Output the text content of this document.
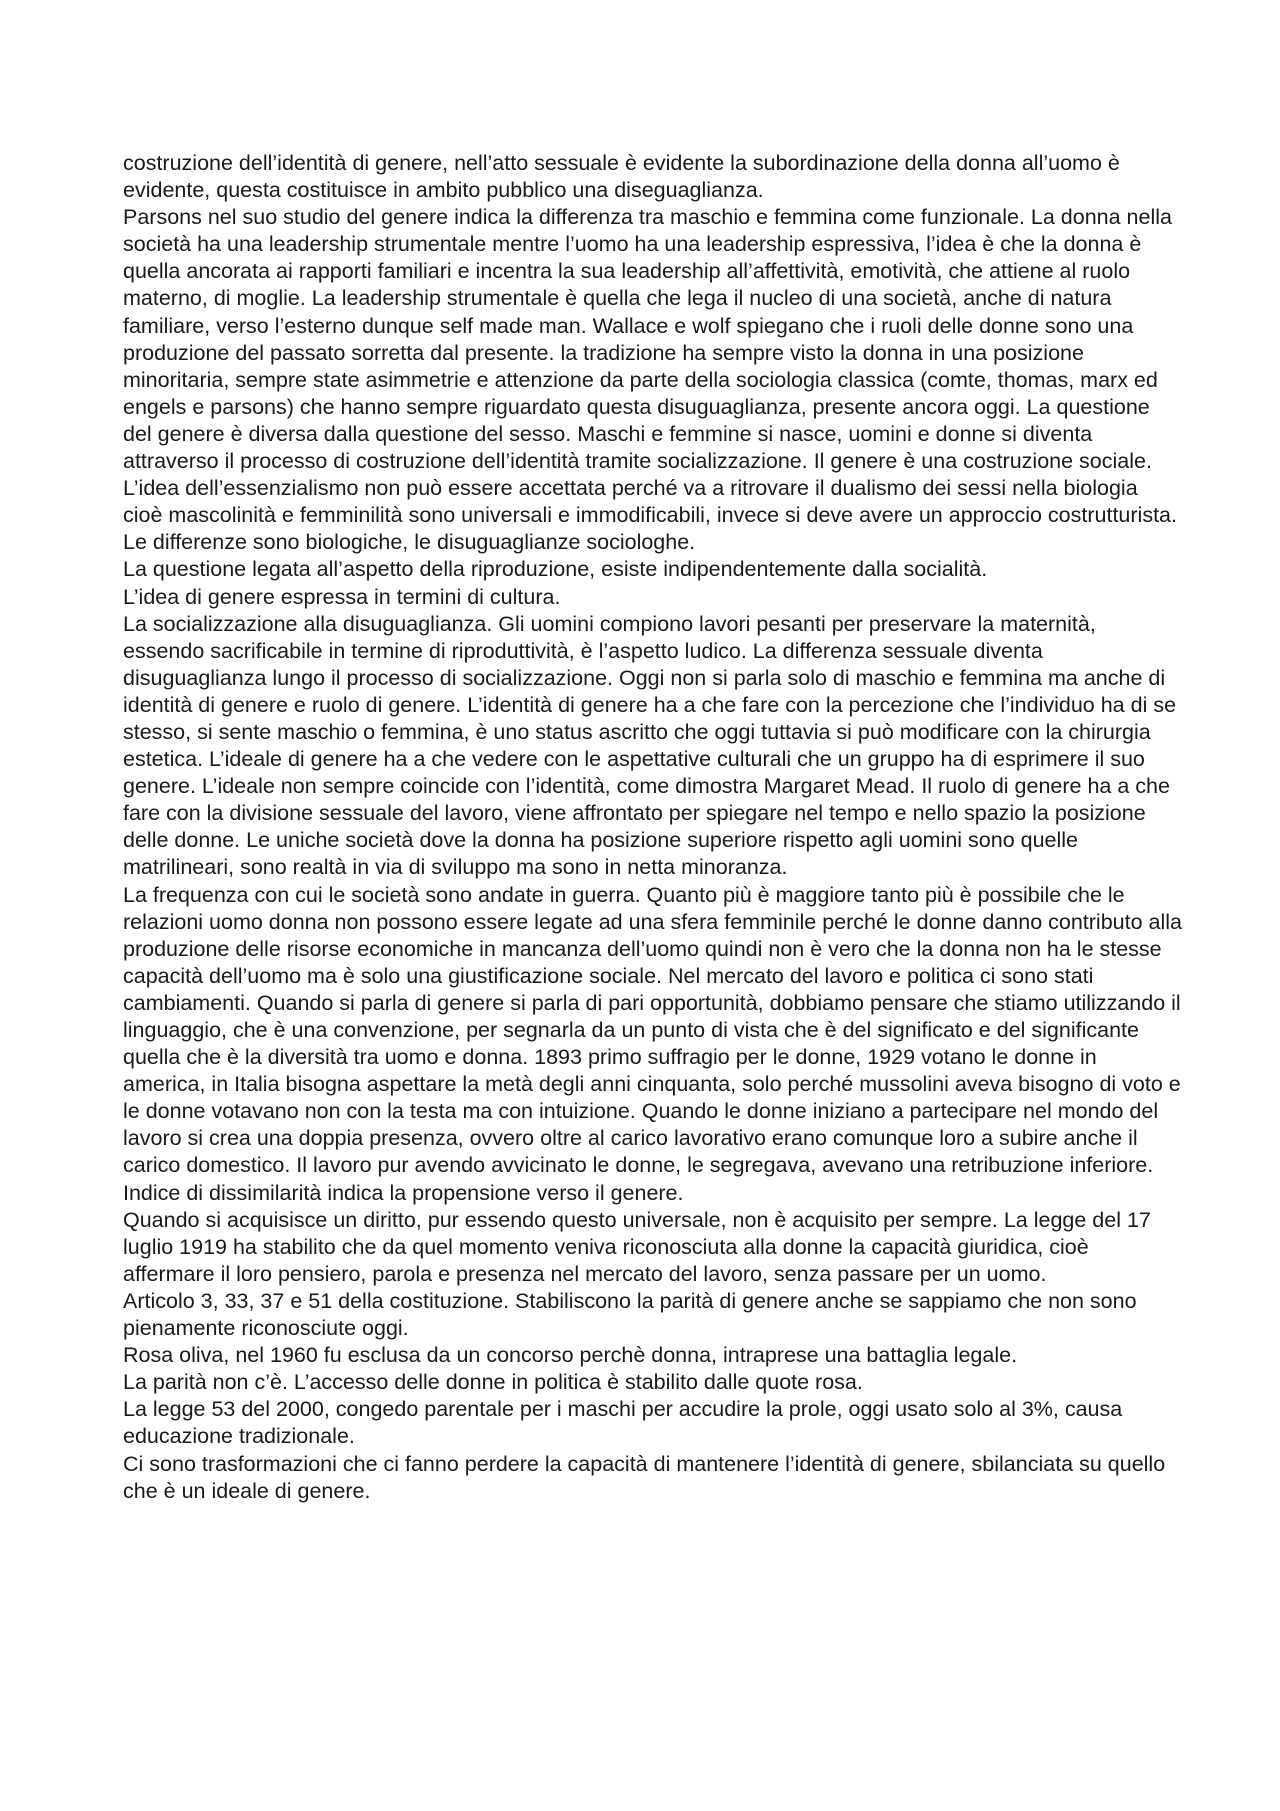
costruzione dell’identità di genere, nell’atto sessuale è evidente la subordinazione della donna all’uomo è evidente, questa costituisce in ambito pubblico una diseguaglianza.

Parsons nel suo studio del genere indica la differenza tra maschio e femmina come funzionale. La donna nella società ha una leadership strumentale mentre l’uomo ha una leadership espressiva, l’idea è che la donna è quella ancorata ai rapporti familiari e incentra la sua leadership all’affettività, emotività, che attiene al ruolo materno, di moglie. La leadership strumentale è quella che lega il nucleo di una società, anche di natura familiare, verso l’esterno dunque self made man. Wallace e wolf spiegano che i ruoli delle donne sono una produzione del passato sorretta dal presente. la tradizione ha sempre visto la donna in una posizione minoritaria, sempre state asimmetrie e attenzione da parte della sociologia classica (comte, thomas, marx ed engels e parsons) che hanno sempre riguardato questa disuguaglianza, presente ancora oggi. La questione del genere è diversa dalla questione del sesso. Maschi e femmine si nasce, uomini e donne si diventa attraverso il processo di costruzione dell’identità tramite socializzazione. Il genere è una costruzione sociale. L’idea dell’essenzialismo non può essere accettata perché va a ritrovare il dualismo dei sessi nella biologia cioè mascolinità e femminilità sono universali e immodificabili, invece si deve avere un approccio costrutturista.

Le differenze sono biologiche, le disuguaglianze sociologhe.

La questione legata all’aspetto della riproduzione, esiste indipendentemente dalla socialità.

L’idea di genere espressa in termini di cultura.

La socializzazione alla disuguaglianza. Gli uomini compiono lavori pesanti per preservare la maternità, essendo sacrificabile in termine di riproduttività, è l’aspetto ludico. La differenza sessuale diventa disuguaglianza lungo il processo di socializzazione. Oggi non si parla solo di maschio e femmina ma anche di identità di genere e ruolo di genere. L’identità di genere ha a che fare con la percezione che l’individuo ha di se stesso, si sente maschio o femmina, è uno status ascritto che oggi tuttavia si può modificare con la chirurgia estetica. L’ideale di genere ha a che vedere con le aspettative culturali che un gruppo ha di esprimere il suo genere. L’ideale non sempre coincide con l’identità, come dimostra Margaret Mead. Il ruolo di genere ha a che fare con la divisione sessuale del lavoro, viene affrontato per spiegare nel tempo e nello spazio la posizione delle donne. Le uniche società dove la donna ha posizione superiore rispetto agli uomini sono quelle matrilineari, sono realtà in via di sviluppo ma sono in netta minoranza.

La frequenza con cui le società sono andate in guerra. Quanto più è maggiore tanto più è possibile che le relazioni uomo donna non possono essere legate ad una sfera femminile perché le donne danno contributo alla produzione delle risorse economiche in mancanza dell’uomo quindi non è vero che la donna non ha le stesse capacità dell’uomo ma è solo una giustificazione sociale. Nel mercato del lavoro e politica ci sono stati cambiamenti. Quando si parla di genere si parla di pari opportunità, dobbiamo pensare che stiamo utilizzando il linguaggio, che è una convenzione, per segnarla da un punto di vista che è del significato e del significante quella che è la diversità tra uomo e donna. 1893 primo suffragio per le donne, 1929 votano le donne in america, in Italia bisogna aspettare la metà degli anni cinquanta, solo perché mussolini aveva bisogno di voto e le donne votavano non con la testa ma con intuizione. Quando le donne iniziano a partecipare nel mondo del lavoro si crea una doppia presenza, ovvero oltre al carico lavorativo erano comunque loro a subire anche il carico domestico. Il lavoro pur avendo avvicinato le donne, le segregava, avevano una retribuzione inferiore. Indice di dissimilarità indica la propensione verso il genere.

Quando si acquisisce un diritto, pur essendo questo universale, non è acquisito per sempre. La legge del 17 luglio 1919 ha stabilito che da quel momento veniva riconosciuta alla donne la capacità giuridica, cioè affermare il loro pensiero, parola e presenza nel mercato del lavoro, senza passare per un uomo.

Articolo 3, 33, 37 e 51 della costituzione. Stabiliscono la parità di genere anche se sappiamo che non sono pienamente riconosciute oggi.

Rosa oliva, nel 1960 fu esclusa da un concorso perchè donna, intraprese una battaglia legale.

La parità non c’è. L’accesso delle donne in politica è stabilito dalle quote rosa.

La legge 53 del 2000, congedo parentale per i maschi per accudire la prole, oggi usato solo al 3%, causa educazione tradizionale.

Ci sono trasformazioni che ci fanno perdere la capacità di mantenere l’identità di genere, sbilanciata su quello che è un ideale di genere.
